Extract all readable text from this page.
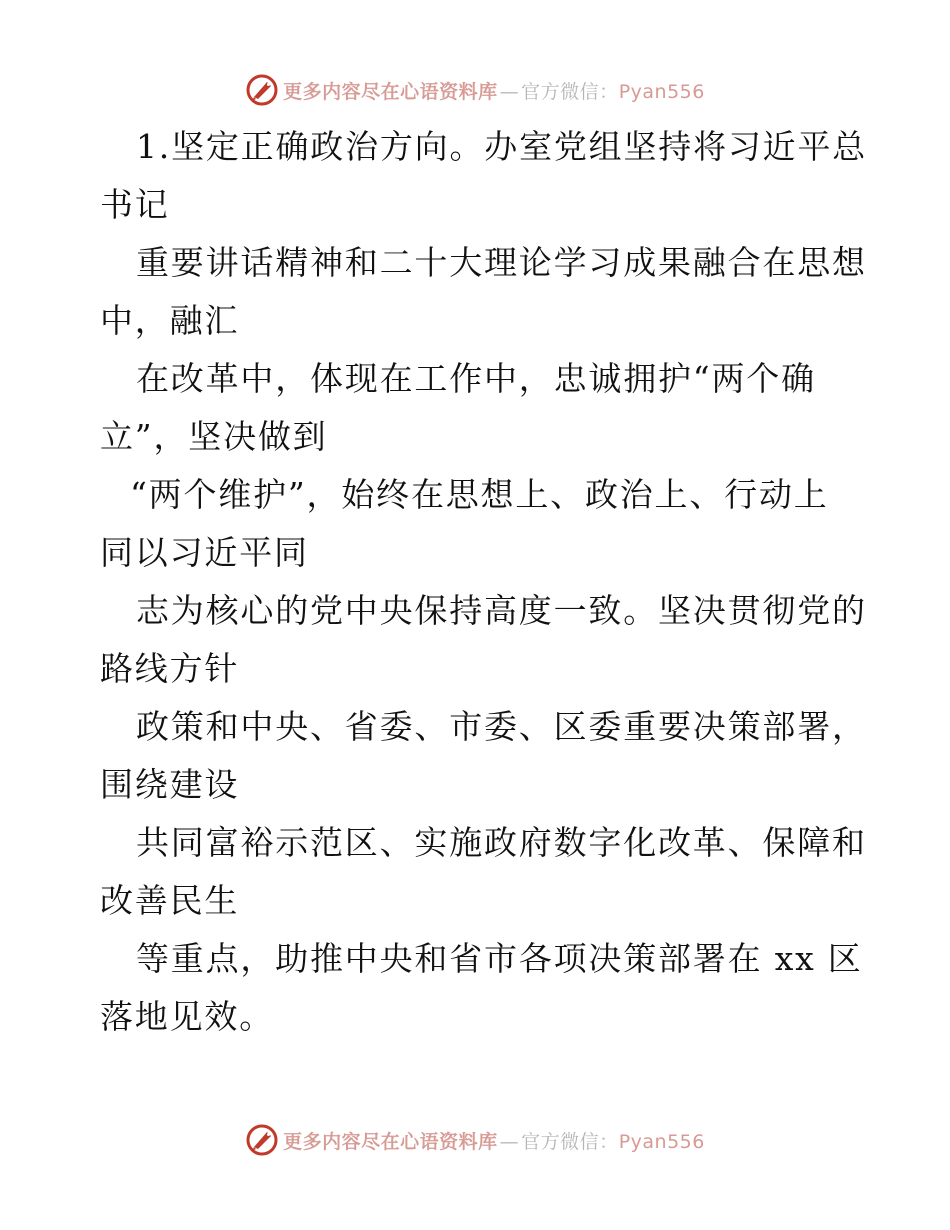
更多内容尽在心语资料库 — 官方微信：Pyan556
1.坚定正确政治方向。办室党组坚持将习近平总
书记
重要讲话精神和二十大理论学习成果融合在思想
中，融汇
在改革中，体现在工作中，忠诚拥护“两个确
立”，坚决做到
“两个维护”，始终在思想上、政治上、行动上
同以习近平同
志为核心的党中央保持高度一致。坚决贯彻党的
路线方针
政策和中央、省委、市委、区委重要决策部署，
围绕建设
共同富裕示范区、实施政府数字化改革、保障和
改善民生
等重点，助推中央和省市各项决策部署在 xx 区
落地见效。
更多内容尽在心语资料库 — 官方微信：Pyan556
